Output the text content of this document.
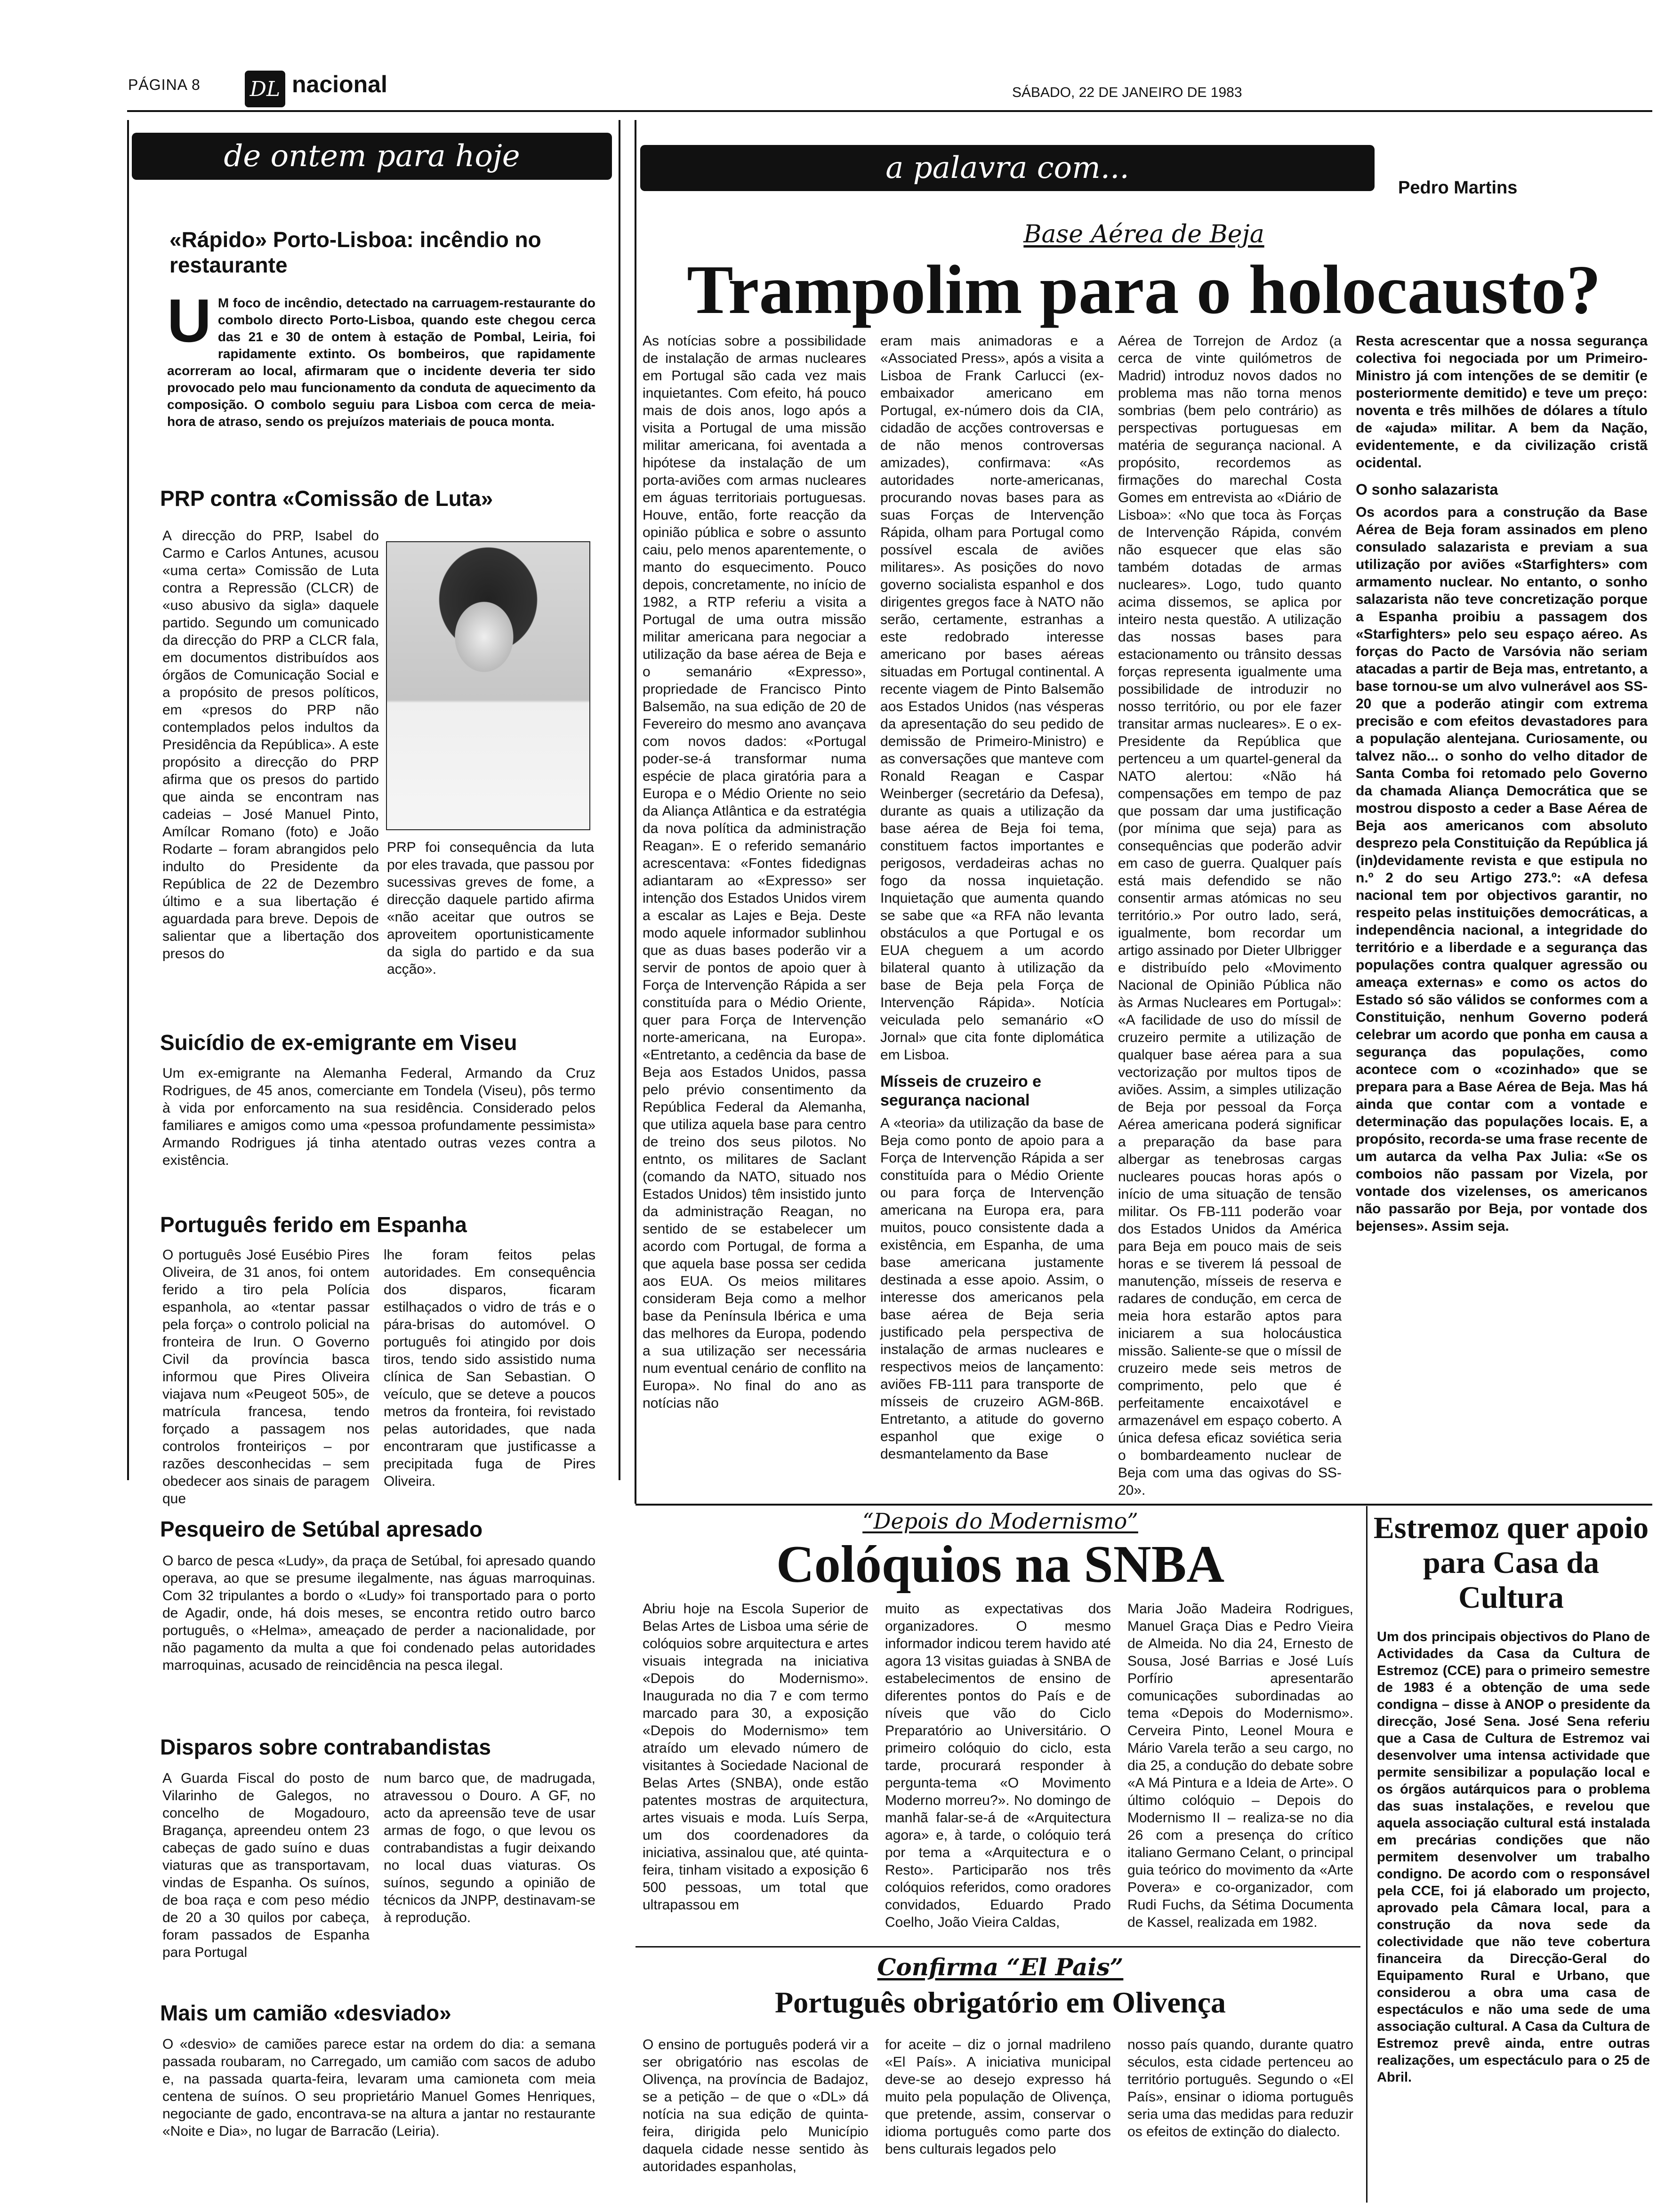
PÁGINA 8 DL nacional	SÁBADO, 22 DE JANEIRO DE 1983
de ontem para hoje
«Rápido» Porto-Lisboa: incêndio no restaurante
U M foco de incêndio, detectado na carruagem-restaurante do combolo directo Porto-Lisboa, quando este chegou cerca das 21 e 30 de ontem à estação de Pombal, Leiria, foi rapidamente extinto. Os bombeiros, que rapidamente acorreram ao local, afirmaram que o incidente deveria ter sido provocado pelo mau funcionamento da conduta de aquecimento da composição. O combolo seguiu para Lisboa com cerca de meia-hora de atraso, sendo os prejuízos materiais de pouca monta.
PRP contra «Comissão de Luta»
A direcção do PRP, Isabel do Carmo e Carlos Antunes, acusou «uma certa» Comissão de Luta contra a Repressão (CLCR) de «uso abusivo da sigla» daquele partido. Segundo um comunicado da direcção do PRP a CLCR fala, em documentos distribuídos aos órgãos de Comunicação Social e a propósito de presos políticos, em «presos do PRP não contemplados pelos indultos da Presidência da República». A este propósito a direcção do PRP afirma que os presos do partido que ainda se encontram nas cadeias – José Manuel Pinto, Amílcar Romano (foto) e João Rodarte – foram abrangidos pelo indulto do Presidente da República de 22 de Dezembro último e a sua libertação é aguardada para breve. Depois de salientar que a libertação dos presos do
PRP foi consequência da luta por eles travada, que passou por sucessivas greves de fome, a direcção daquele partido afirma «não aceitar que outros se aproveitem oportunisticamente da sigla do partido e da sua acção».
Suicídio de ex-emigrante em Viseu
Um ex-emigrante na Alemanha Federal, Armando da Cruz Rodrigues, de 45 anos, comerciante em Tondela (Viseu), pôs termo à vida por enforcamento na sua residência. Considerado pelos familiares e amigos como uma «pessoa profundamente pessimista» Armando Rodrigues já tinha atentado outras vezes contra a existência.
Português ferido em Espanha
O português José Eusébio Pires Oliveira, de 31 anos, foi ontem ferido a tiro pela Polícia espanhola, ao «tentar passar pela força» o controlo policial na fronteira de Irun. O Governo Civil da província basca informou que Pires Oliveira viajava num «Peugeot 505», de matrícula francesa, tendo forçado a passagem nos controlos fronteiriços – por razões desconhecidas – sem obedecer aos sinais de paragem que
lhe foram feitos pelas autoridades. Em consequência dos disparos, ficaram estilhaçados o vidro de trás e o pára-brisas do automóvel. O português foi atingido por dois tiros, tendo sido assistido numa clínica de San Sebastian. O veículo, que se deteve a poucos metros da fronteira, foi revistado pelas autoridades, que nada encontraram que justificasse a precipitada fuga de Pires Oliveira.
Pesqueiro de Setúbal apresado
O barco de pesca «Ludy», da praça de Setúbal, foi apresado quando operava, ao que se presume ilegalmente, nas águas marroquinas. Com 32 tripulantes a bordo o «Ludy» foi transportado para o porto de Agadir, onde, há dois meses, se encontra retido outro barco português, o «Helma», ameaçado de perder a nacionalidade, por não pagamento da multa a que foi condenado pelas autoridades marroquinas, acusado de reincidência na pesca ilegal.
Disparos sobre contrabandistas
A Guarda Fiscal do posto de Vilarinho de Galegos, no concelho de Mogadouro, Bragança, apreendeu ontem 23 cabeças de gado suíno e duas viaturas que as transportavam, vindas de Espanha. Os suínos, de boa raça e com peso médio de 20 a 30 quilos por cabeça, foram passados de Espanha para Portugal
num barco que, de madrugada, atravessou o Douro. A GF, no acto da apreensão teve de usar armas de fogo, o que levou os contrabandistas a fugir deixando no local duas viaturas. Os suínos, segundo a opinião de técnicos da JNPP, destinavam-se à reprodução.
Mais um camião «desviado»
O «desvio» de camiões parece estar na ordem do dia: a semana passada roubaram, no Carregado, um camião com sacos de adubo e, na passada quarta-feira, levaram uma camioneta com meia centena de suínos. O seu proprietário Manuel Gomes Henriques, negociante de gado, encontrava-se na altura a jantar no restaurante «Noite e Dia», no lugar de Barracão (Leiria).
a palavra com...
Pedro Martins

Base Aérea de Beja

Trampolim para o holocausto?
As notícias sobre a possibilidade de instalação de armas nucleares em Portugal são cada vez mais inquietantes. Com efeito, há pouco mais de dois anos, logo após a visita a Portugal de uma missão militar americana, foi aventada a hipótese da instalação de um porta-aviões com armas nucleares em águas territoriais portuguesas. Houve, então, forte reacção da opinião pública e sobre o assunto caiu, pelo menos aparentemente, o manto do esquecimento. Pouco depois, concretamente, no início de 1982, a RTP referiu a visita a Portugal de uma outra missão militar americana para negociar a utilização da base aérea de Beja e o semanário «Expresso», propriedade de Francisco Pinto Balsemão, na sua edição de 20 de Fevereiro do mesmo ano avançava com novos dados: «Portugal poder-se-á transformar numa espécie de placa giratória para a Europa e o Médio Oriente no seio da Aliança Atlântica e da estratégia da nova política da administração Reagan». E o referido semanário acrescentava: «Fontes fidedignas adiantaram ao «Expresso» ser intenção dos Estados Unidos virem a escalar as Lajes e Beja. Deste modo aquele informador sublinhou que as duas bases poderão vir a servir de pontos de apoio quer à Força de Intervenção Rápida a ser constituída para o Médio Oriente, quer para Força de Intervenção norte-americana, na Europa». «Entretanto, a cedência da base de Beja aos Estados Unidos, passa pelo prévio consentimento da República Federal da Alemanha, que utiliza aquela base para centro de treino dos seus pilotos. No entnto, os militares de Saclant (comando da NATO, situado nos Estados Unidos) têm insistido junto da administração Reagan, no sentido de se estabelecer um acordo com Portugal, de forma a que aquela base possa ser cedida aos EUA. Os meios militares consideram Beja como a melhor base da Península Ibérica e uma das melhores da Europa, podendo a sua utilização ser necessária num eventual cenário de conflito na Europa». No final do ano as notícias não

eram mais animadoras e a «Associated Press», após a visita a Lisboa de Frank Carlucci (ex-embaixador americano em Portugal, ex-número dois da CIA, cidadão de acções controversas e de não menos controversas amizades), confirmava: «As autoridades norte-americanas, procurando novas bases para as suas Forças de Intervenção Rápida, olham para Portugal como possível escala de aviões militares». As posições do novo governo socialista espanhol e dos dirigentes gregos face à NATO não serão, certamente, estranhas a este redobrado interesse americano por bases aéreas situadas em Portugal continental. A recente viagem de Pinto Balsemão aos Estados Unidos (nas vésperas da apresentação do seu pedido de demissão de Primeiro-Ministro) e as conversações que manteve com Ronald Reagan e Caspar Weinberger (secretário da Defesa), durante as quais a utilização da base aérea de Beja foi tema, constituem factos importantes e perigosos, verdadeiras achas no fogo da nossa inquietação. Inquietação que aumenta quando se sabe que «a RFA não levanta obstáculos a que Portugal e os EUA cheguem a um acordo bilateral quanto à utilização da base de Beja pela Força de Intervenção Rápida». Notícia veiculada pelo semanário «O Jornal» que cita fonte diplomática em Lisboa.

Mísseis de cruzeiro e segurança nacional

A «teoria» da utilização da base de Beja como ponto de apoio para a Força de Intervenção Rápida a ser constituída para o Médio Oriente ou para força de Intervenção americana na Europa era, para muitos, pouco consistente dada a existência, em Espanha, de uma base americana justamente destinada a esse apoio. Assim, o interesse dos americanos pela base aérea de Beja seria justificado pela perspectiva de instalação de armas nucleares e respectivos meios de lançamento: aviões FB-111 para transporte de mísseis de cruzeiro AGM-86B. Entretanto, a atitude do governo espanhol que exige o desmantelamento da Base

Aérea de Torrejon de Ardoz (a cerca de vinte quilómetros de Madrid) introduz novos dados no problema mas não torna menos sombrias (bem pelo contrário) as perspectivas portuguesas em matéria de segurança nacional. A propósito, recordemos as firmações do marechal Costa Gomes em entrevista ao «Diário de Lisboa»: «No que toca às Forças de Intervenção Rápida, convém não esquecer que elas são também dotadas de armas nucleares». Logo, tudo quanto acima dissemos, se aplica por inteiro nesta questão. A utilização das nossas bases para estacionamento ou trânsito dessas forças representa igualmente uma possibilidade de introduzir no nosso território, ou por ele fazer transitar armas nucleares». E o ex-Presidente da República que pertenceu a um quartel-general da NATO alertou: «Não há compensações em tempo de paz que possam dar uma justificação (por mínima que seja) para as consequências que poderão advir em caso de guerra. Qualquer país está mais defendido se não consentir armas atómicas no seu território.» Por outro lado, será, igualmente, bom recordar um artigo assinado por Dieter Ulbrigger e distribuído pelo «Movimento Nacional de Opinião Pública não às Armas Nucleares em Portugal»: «A facilidade de uso do míssil de cruzeiro permite a utilização de qualquer base aérea para a sua vectorização por multos tipos de aviões. Assim, a simples utilização de Beja por pessoal da Força Aérea americana poderá significar a preparação da base para albergar as tenebrosas cargas nucleares poucas horas após o início de uma situação de tensão militar. Os FB-111 poderão voar dos Estados Unidos da América para Beja em pouco mais de seis horas e se tiverem lá pessoal de manutenção, mísseis de reserva e radares de condução, em cerca de meia hora estarão aptos para iniciarem a sua holocáustica missão. Saliente-se que o míssil de cruzeiro mede seis metros de comprimento, pelo que é perfeitamente encaixotável e armazenável em espaço coberto. A única defesa eficaz soviética seria o bombardeamento nuclear de Beja com uma das ogivas do SS-20».

Resta acrescentar que a nossa segurança colectiva foi negociada por um Primeiro-Ministro já com intenções de se demitir (e posteriormente demitido) e teve um preço: noventa e três milhões de dólares a título de «ajuda» militar. A bem da Nação, evidentemente, e da civilização cristã ocidental.

O sonho salazarista

Os acordos para a construção da Base Aérea de Beja foram assinados em pleno consulado salazarista e previam a sua utilização por aviões «Starfighters» com armamento nuclear. No entanto, o sonho salazarista não teve concretização porque a Espanha proibiu a passagem dos «Starfighters» pelo seu espaço aéreo. As forças do Pacto de Varsóvia não seriam atacadas a partir de Beja mas, entretanto, a base tornou-se um alvo vulnerável aos SS-20 que a poderão atingir com extrema precisão e com efeitos devastadores para a população alentejana. Curiosamente, ou talvez não... o sonho do velho ditador de Santa Comba foi retomado pelo Governo da chamada Aliança Democrática que se mostrou disposto a ceder a Base Aérea de Beja aos americanos com absoluto desprezo pela Constituição da República já (in)devidamente revista e que estipula no n.º 2 do seu Artigo 273.º: «A defesa nacional tem por objectivos garantir, no respeito pelas instituições democráticas, a independência nacional, a integridade do território e a liberdade e a segurança das populações contra qualquer agressão ou ameaça externas» e como os actos do Estado só são válidos se conformes com a Constituição, nenhum Governo poderá celebrar um acordo que ponha em causa a segurança das populações, como acontece com o «cozinhado» que se prepara para a Base Aérea de Beja. Mas há ainda que contar com a vontade e determinação das populações locais. E, a propósito, recorda-se uma frase recente de um autarca da velha Pax Julia: «Se os comboios não passam por Vizela, por vontade dos vizelenses, os americanos não passarão por Beja, por vontade dos bejenses». Assim seja.

“Depois do Modernismo”

Colóquios na SNBA
Abriu hoje na Escola Superior de Belas Artes de Lisboa uma série de colóquios sobre arquitectura e artes visuais integrada na iniciativa «Depois do Modernismo». Inaugurada no dia 7 e com termo marcado para 30, a exposição «Depois do Modernismo» tem atraído um elevado número de visitantes à Sociedade Nacional de Belas Artes (SNBA), onde estão patentes mostras de arquitectura, artes visuais e moda. Luís Serpa, um dos coordenadores da iniciativa, assinalou que, até quinta-feira, tinham visitado a exposição 6 500 pessoas, um total que ultrapassou em
muito as expectativas dos organizadores. O mesmo informador indicou terem havido até agora 13 visitas guiadas à SNBA de estabelecimentos de ensino de diferentes pontos do País e de níveis que vão do Ciclo Preparatório ao Universitário. O primeiro colóquio do ciclo, esta tarde, procurará responder à pergunta-tema «O Movimento Moderno morreu?». No domingo de manhã falar-se-á de «Arquitectura agora» e, à tarde, o colóquio terá por tema a «Arquitectura e o Resto». Participarão nos três colóquios referidos, como oradores convidados, Eduardo Prado Coelho, João Vieira Caldas,
Maria João Madeira Rodrigues, Manuel Graça Dias e Pedro Vieira de Almeida. No dia 24, Ernesto de Sousa, José Barrias e José Luís Porfírio apresentarão comunicações subordinadas ao tema «Depois do Modernismo». Cerveira Pinto, Leonel Moura e Mário Varela terão a seu cargo, no dia 25, a condução do debate sobre «A Má Pintura e a Ideia de Arte». O último colóquio – Depois do Modernismo II – realiza-se no dia 26 com a presença do crítico italiano Germano Celant, o principal guia teórico do movimento da «Arte Povera» e co-organizador, com Rudi Fuchs, da Sétima Documenta de Kassel, realizada em 1982.

Confirma “El Pais”

Português obrigatório em Olivença
O ensino de português poderá vir a ser obrigatório nas escolas de Olivença, na província de Badajoz, se a petição – de que o «DL» dá notícia na sua edição de quinta-feira, dirigida pelo Município daquela cidade nesse sentido às autoridades espanholas,
for aceite – diz o jornal madrileno «El País». A iniciativa municipal deve-se ao desejo expresso há muito pela população de Olivença, que pretende, assim, conservar o idioma português como parte dos bens culturais legados pelo
nosso país quando, durante quatro séculos, esta cidade pertenceu ao território português. Segundo o «El País», ensinar o idioma português seria uma das medidas para reduzir os efeitos de extinção do dialecto.
Estremoz quer apoio para Casa da Cultura
Um dos principais objectivos do Plano de Actividades da Casa da Cultura de Estremoz (CCE) para o primeiro semestre de 1983 é a obtenção de uma sede condigna – disse à ANOP o presidente da direcção, José Sena. José Sena referiu que a Casa de Cultura de Estremoz vai desenvolver uma intensa actividade que permite sensibilizar a população local e os órgãos autárquicos para o problema das suas instalações, e revelou que aquela associação cultural está instalada em precárias condições que não permitem desenvolver um trabalho condigno. De acordo com o responsável pela CCE, foi já elaborado um projecto, aprovado pela Câmara local, para a construção da nova sede da colectividade que não teve cobertura financeira da Direcção-Geral do Equipamento Rural e Urbano, que considerou a obra uma casa de espectáculos e não uma sede de uma associação cultural. A Casa da Cultura de Estremoz prevê ainda, entre outras realizações, um espectáculo para o 25 de Abril.
